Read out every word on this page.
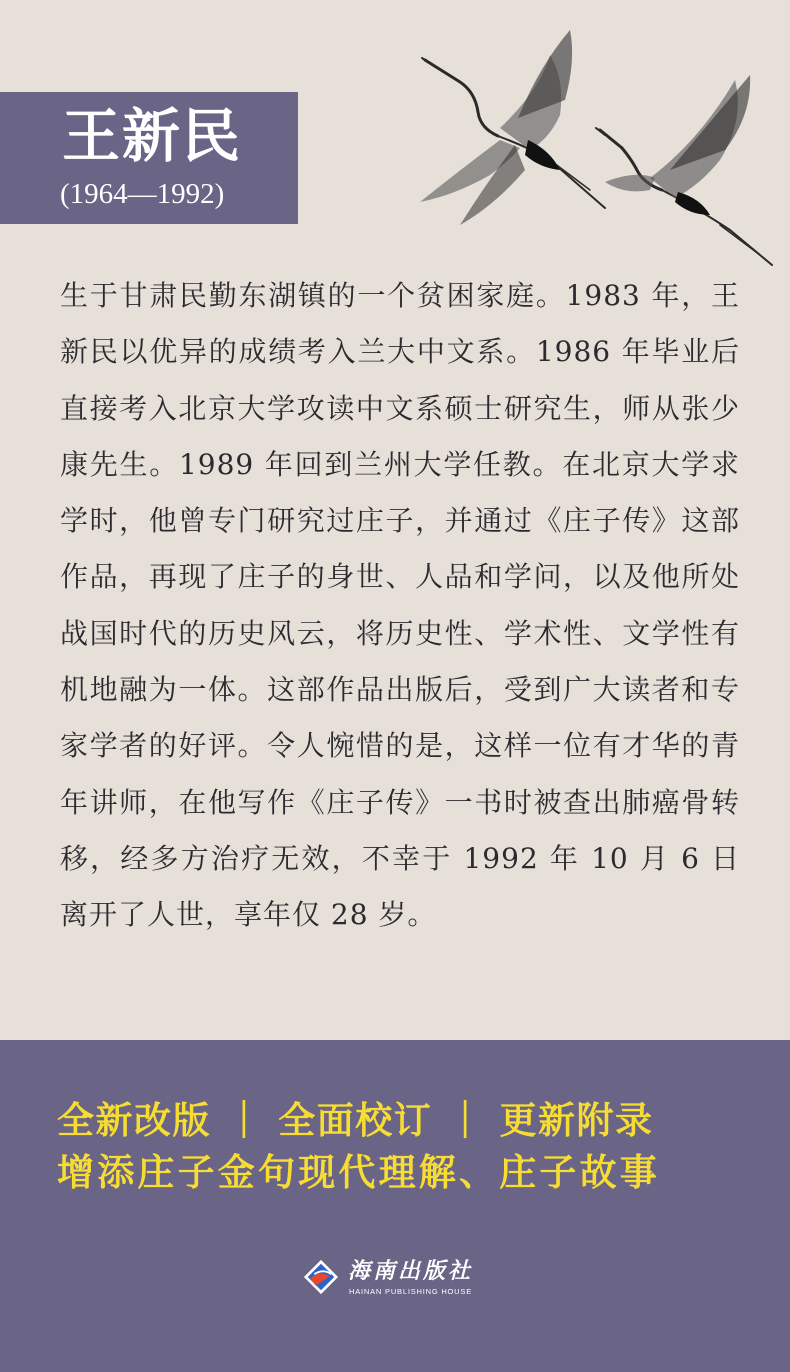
王新民
(1964—1992)
生于甘肃民勤东湖镇的一个贫困家庭。1983 年，王新民以优异的成绩考入兰大中文系。1986 年毕业后直接考入北京大学攻读中文系硕士研究生，师从张少康先生。1989 年回到兰州大学任教。在北京大学求学时，他曾专门研究过庄子，并通过《庄子传》这部作品，再现了庄子的身世、人品和学问，以及他所处战国时代的历史风云，将历史性、学术性、文学性有机地融为一体。这部作品出版后，受到广大读者和专家学者的好评。令人惋惜的是，这样一位有才华的青年讲师，在他写作《庄子传》一书时被查出肺癌骨转移，经多方治疗无效，不幸于 1992 年 10 月 6 日离开了人世，享年仅 28 岁。
全新改版 ｜ 全面校订 ｜ 更新附录
增添庄子金句现代理解、庄子故事
海南出版社
HAINAN PUBLISHING HOUSE
